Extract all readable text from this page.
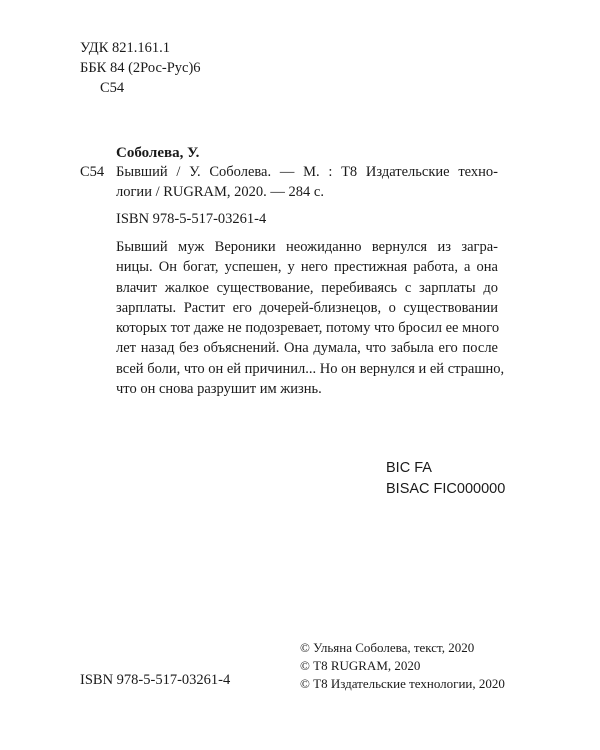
УДК 821.161.1
ББК 84 (2Рос-Рус)6
С54
Соболева, У.
С54 Бывший / У. Соболева. — М. : Т8 Издательские техно-
логии / RUGRAM, 2020. — 284 с.
ISBN 978-5-517-03261-4
Бывший муж Вероники неожиданно вернулся из загра-
ницы. Он богат, успешен, у него престижная работа, а она
влачит жалкое существование, перебиваясь с зарплаты до
зарплаты. Растит его дочерей-близнецов, о существовании
которых тот даже не подозревает, потому что бросил ее много
лет назад без объяснений. Она думала, что забыла его после
всей боли, что он ей причинил... Но он вернулся и ей страшно,
что он снова разрушит им жизнь.
BIC FA
BISAC FIC000000
ISBN 978-5-517-03261-4
© Ульяна Соболева, текст, 2020
© Т8 RUGRAM, 2020
© Т8 Издательские технологии, 2020
